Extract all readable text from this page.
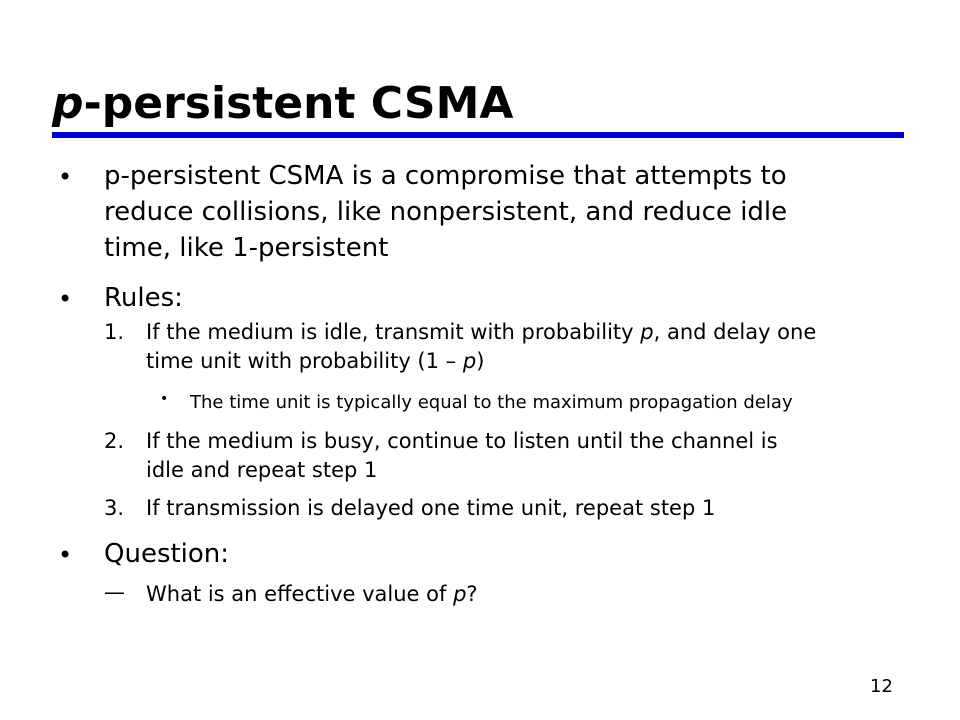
p-persistent CSMA
• p-persistent CSMA is a compromise that attempts to
reduce collisions, like nonpersistent, and reduce idle
time, like 1-persistent
• Rules:
1. If the medium is idle, transmit with probability p, and delay one
time unit with probability (1 – p)
• The time unit is typically equal to the maximum propagation delay
2. If the medium is busy, continue to listen until the channel is
idle and repeat step 1
3. If transmission is delayed one time unit, repeat step 1
• Question:
— What is an effective value of p?
12
